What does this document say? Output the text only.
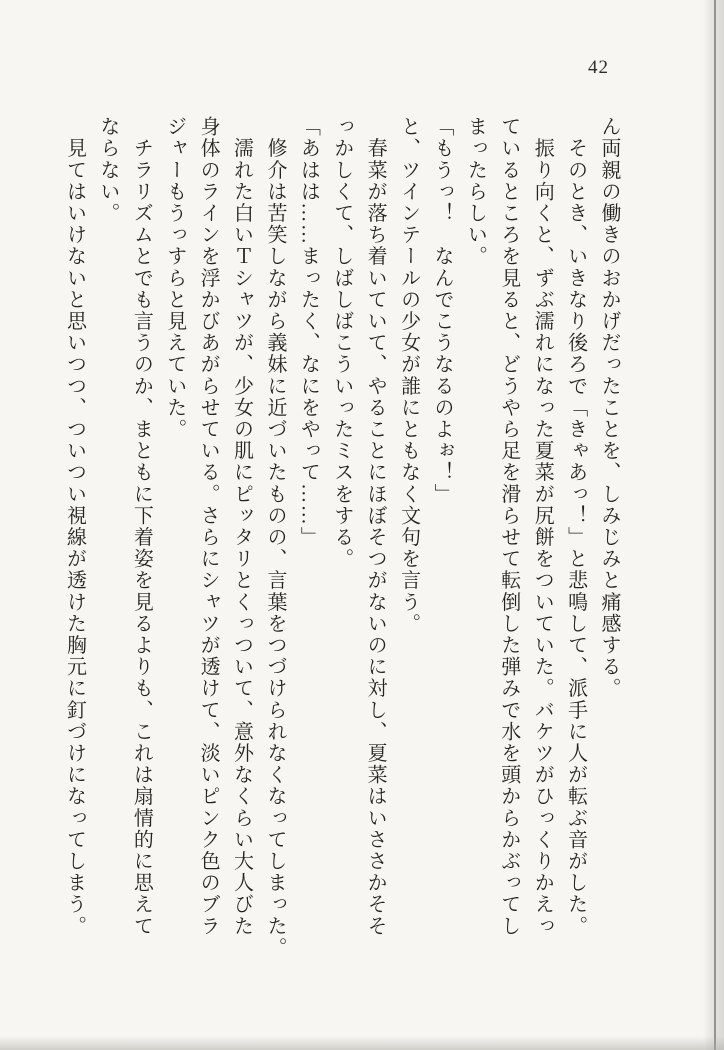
42

ん両親の働きのおかげだったことを、しみじみと痛感する。

　そのとき、いきなり後ろで「きゃあっ！」と悲鳴して、派手に人が転ぶ音がした。

　振り向くと、ずぶ濡れになった夏菜が尻餅をついていた。バケツがひっくりかえっ

ているところを見ると、どうやら足を滑らせて転倒した弾みで水を頭からかぶってし

まったらしい。

「もうっ！　なんでこうなるのよぉ！」

と、ツインテールの少女が誰にともなく文句を言う。

　春菜が落ち着いていて、やることにほぼそつがないのに対し、夏菜はいささかそそ

っかしくて、しばしばこういったミスをする。

「あはは……まったく、なにをやって……」

　修介は苦笑しながら義妹に近づいたものの、言葉をつづけられなくなってしまった。

　濡れた白いＴシャツが、少女の肌にピッタリとくっついて、意外なくらい大人びた

身体のラインを浮かびあがらせている。さらにシャツが透けて、淡いピンク色のブラ

ジャーもうっすらと見えていた。

　チラリズムとでも言うのか、まともに下着姿を見るよりも、これは扇情的に思えて

ならない。

　見てはいけないと思いつつ、ついつい視線が透けた胸元に釘づけになってしまう。
